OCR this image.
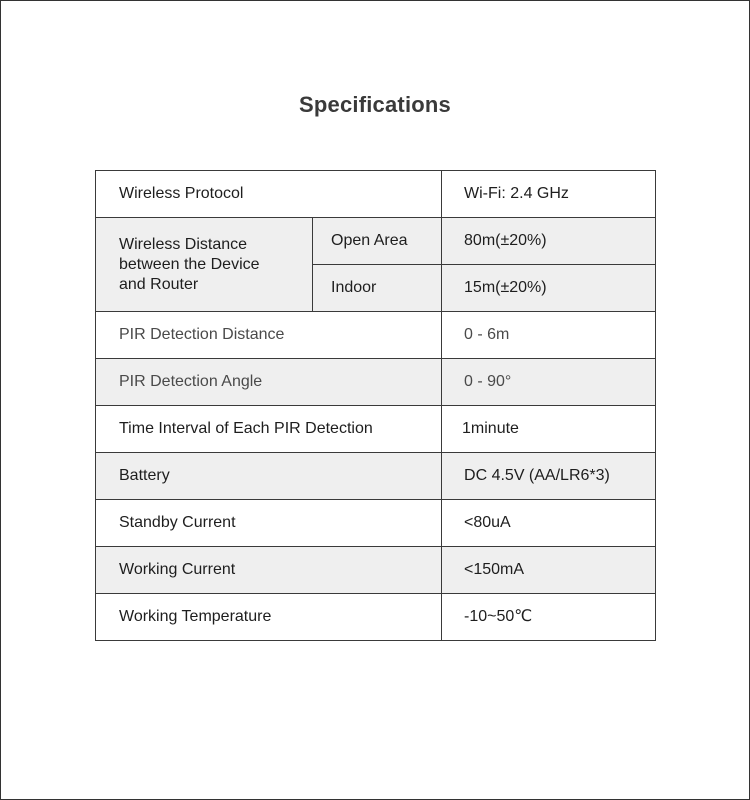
Specifications
Wireless Protocol		Wi-Fi: 2.4 GHz

Wireless Distance
between the Device
and Router	Open Area	80m(±20%)
	Indoor	15m(±20%)
PIR Detection Distance		0 - 6m
PIR Detection Angle		0 - 90°
Time Interval of Each PIR Detection		1minute
Battery		DC 4.5V (AA/LR6*3)
Standby Current		<80uA
Working Current		<150mA
Working Temperature		-10~50℃
